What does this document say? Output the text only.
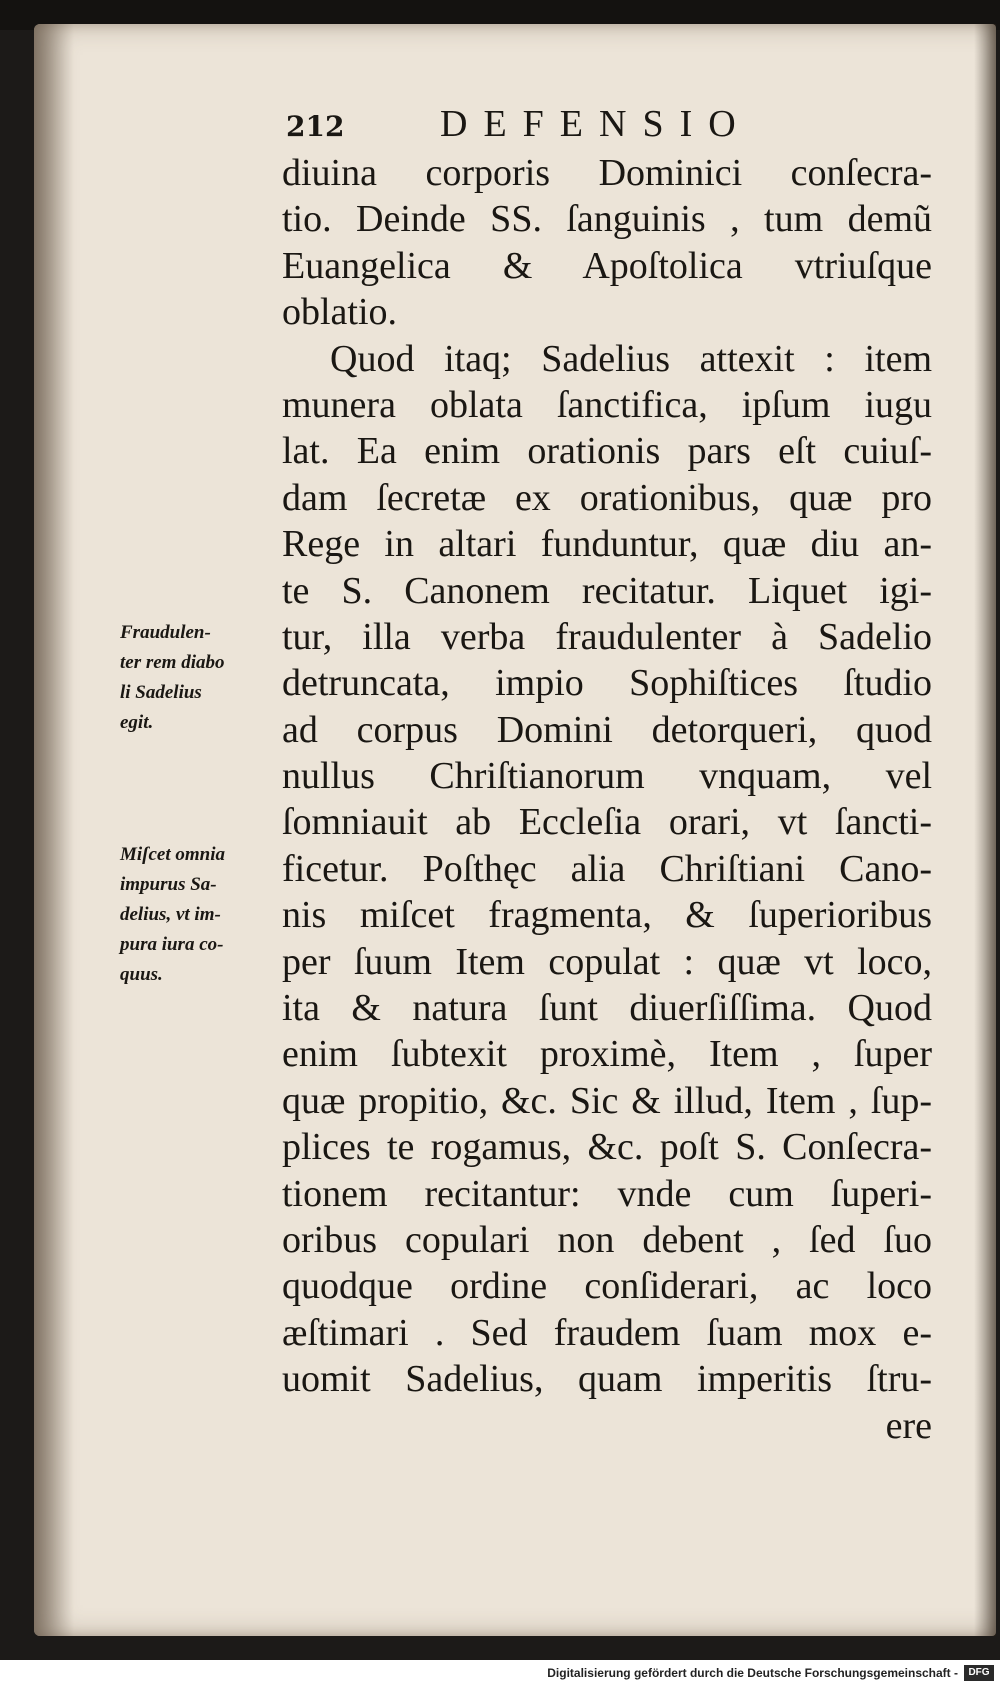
212	DEFENSIO
diuina corporis Dominici conſecra-
tio. Deinde SS. ſanguinis , tum demũ
Euangelica & Apoſtolica vtriuſque
oblatio.
Quod itaq; Sadelius attexit : item
munera oblata ſanctifica, ipſum iugu
lat. Ea enim orationis pars eſt cuiuſ-
dam ſecretæ ex orationibus, quæ pro
Rege in altari funduntur, quæ diu an-
te S. Canonem recitatur. Liquet igi-
tur, illa verba fraudulenter à Sadelio
detruncata, impio Sophiſtices ſtudio
ad corpus Domini detorqueri, quod
nullus Chriſtianorum vnquam, vel
ſomniauit ab Eccleſia orari, vt ſancti-
ficetur. Poſthęc alia Chriſtiani Cano-
nis miſcet fragmenta, & ſuperioribus
per ſuum Item copulat : quæ vt loco,
ita & natura ſunt diuerſiſſima. Quod
enim ſubtexit proximè, Item , ſuper
quæ propitio, &c. Sic & illud, Item , ſup-
plices te rogamus, &c. poſt S. Conſecra-
tionem recitantur: vnde cum ſuperi-
oribus copulari non debent , ſed ſuo
quodque ordine conſiderari, ac loco
æſtimari . Sed fraudem ſuam mox e-
uomit Sadelius, quam imperitis ſtru-
ere
Fraudulen-
ter rem diabo
li Sadelius
egit.
Miſcet omnia
impurus Sa-
delius, vt im-
pura iura co-
quus.
Digitalisierung gefördert durch die Deutsche Forschungsgemeinschaft -	DFG
